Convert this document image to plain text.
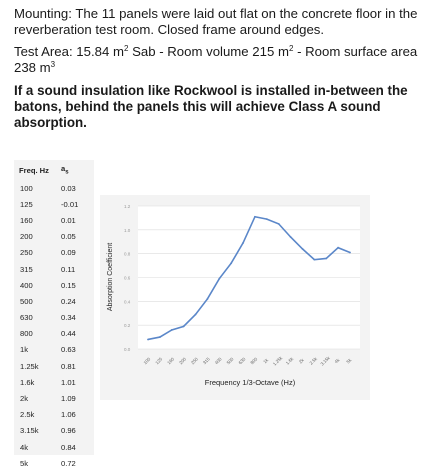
Mounting: The 11 panels were laid out flat on the concrete floor in the reverberation test room. Closed frame around edges.

Test Area: 15.84 $m^2$ Sab - Room volume 215 $m^2$ - Room surface area 238 $m^3$

If a sound insulation like Rockwool is installed in-between the batons, behind the panels this will achieve Class A sound absorption.

Freq. Hz	$a_s$
100	0.03
125	-0.01
160	0.01
200	0.05
250	0.09
315	0.11
400	0.15
500	0.24
630	0.34
800	0.44
1k	0.63
1.25k	0.81
1.6k	1.01
2k	1.09
2.5k	1.06
3.15k	0.96
4k	0.84
5k	0.72
0.0
0.2
0.4
0.6
0.8
1.0
1.2
100 125 160 200 250 315 400 500 630 800 1k 1.25k 1.6k 2k 2.5k 3.15k 4k 5k
Absorption Coefficient
Frequency 1/3-Octave (Hz)
